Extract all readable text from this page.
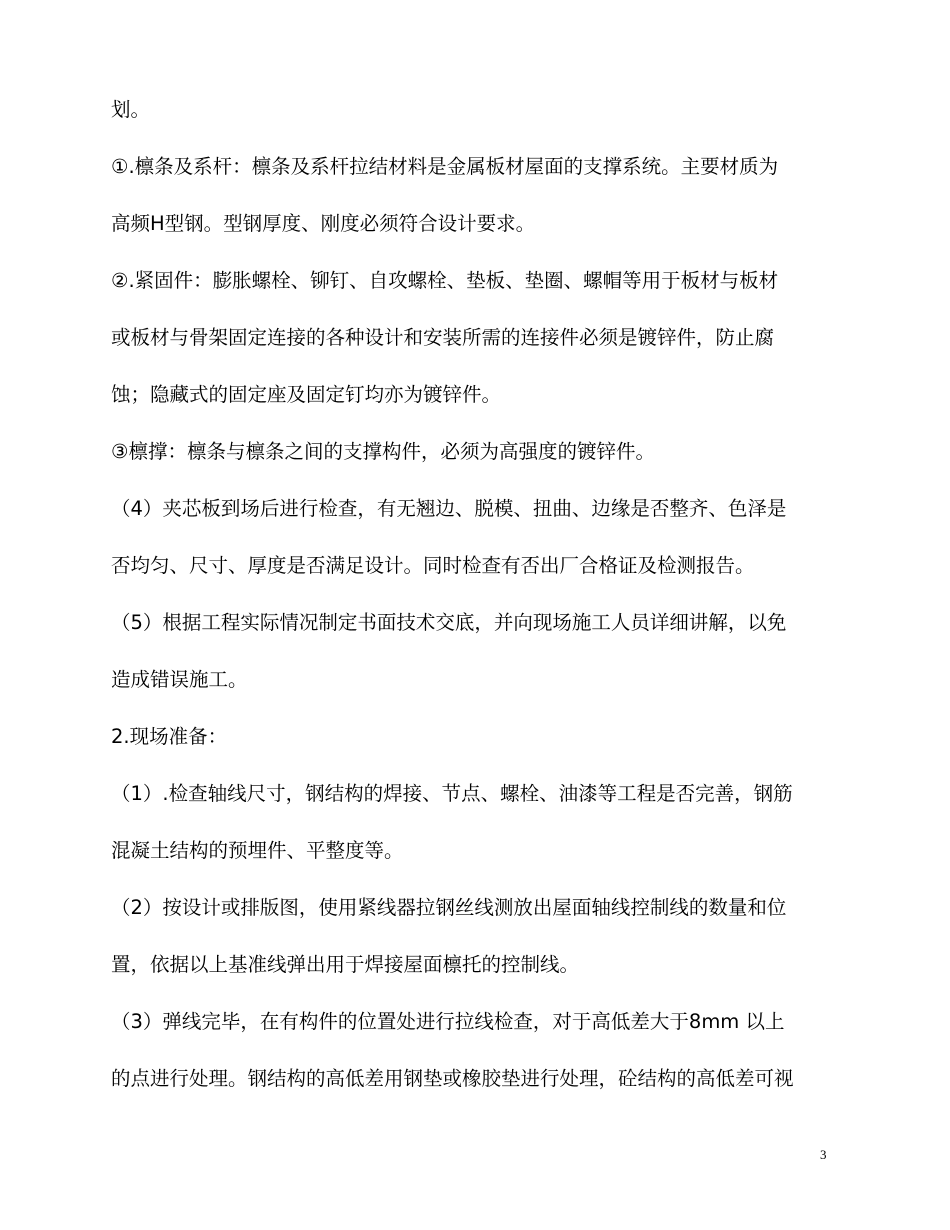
划。
①.檩条及系杆：檩条及系杆拉结材料是金属板材屋面的支撑系统。主要材质为
高频H型钢。型钢厚度、刚度必须符合设计要求。
②.紧固件：膨胀螺栓、铆钉、自攻螺栓、垫板、垫圈、螺帽等用于板材与板材
或板材与骨架固定连接的各种设计和安装所需的连接件必须是镀锌件，防止腐
蚀；隐藏式的固定座及固定钉均亦为镀锌件。
③檩撑：檩条与檩条之间的支撑构件，必须为高强度的镀锌件。
（4）夹芯板到场后进行检查，有无翘边、脱模、扭曲、边缘是否整齐、色泽是
否均匀、尺寸、厚度是否满足设计。同时检查有否出厂合格证及检测报告。
（5）根据工程实际情况制定书面技术交底，并向现场施工人员详细讲解，以免
造成错误施工。
2.现场准备：
（1）.检查轴线尺寸，钢结构的焊接、节点、螺栓、油漆等工程是否完善，钢筋
混凝土结构的预埋件、平整度等。
（2）按设计或排版图，使用紧线器拉钢丝线测放出屋面轴线控制线的数量和位
置，依据以上基准线弹出用于焊接屋面檩托的控制线。
（3）弹线完毕，在有构件的位置处进行拉线检查，对于高低差大于8mm 以上
的点进行处理。钢结构的高低差用钢垫或橡胶垫进行处理，砼结构的高低差可视
3
